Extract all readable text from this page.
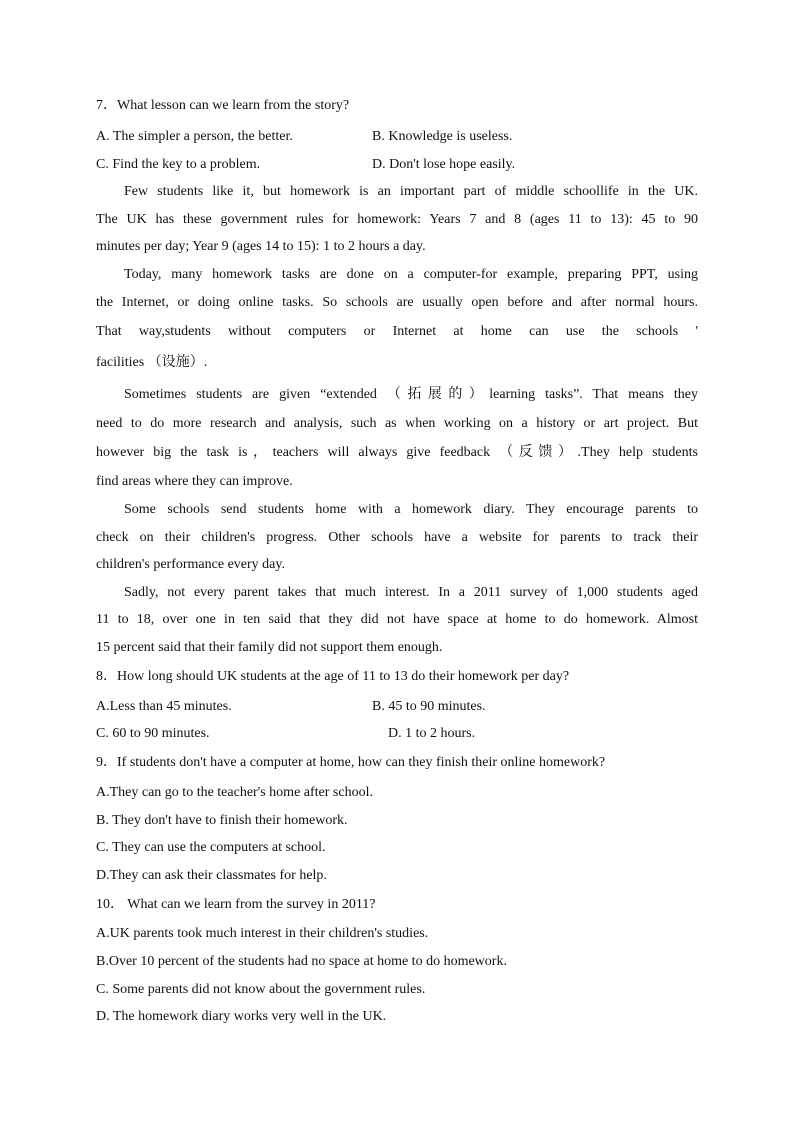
7．What lesson can we learn from the story?
A. The simpler a person, the better.	B. Knowledge is useless.
C. Find the key to a problem.	D. Don't lose hope easily.
Few students like it, but homework is an important part of middle schoollife in the UK.
The UK has these government rules for homework: Years 7 and 8 (ages 11 to 13): 45 to 90
minutes per day; Year 9 (ages 14 to 15): 1 to 2 hours a day.
Today, many homework tasks are done on a computer-for example, preparing PPT, using
the Internet, or doing online tasks. So schools are usually open before and after normal hours.
That way,students without computers or Internet at home can use the schools '
facilities （设施）.
Sometimes students are given “extended （拓展的）learning tasks”. That means they
need to do more research and analysis, such as when working on a history or art project. But
however big the task is，teachers will always give feedback （反馈）.They help students
find areas where they can improve.
Some schools send students home with a homework diary. They encourage parents to
check on their children's progress. Other schools have a website for parents to track their
children's performance every day.
Sadly, not every parent takes that much interest. In a 2011 survey of 1,000 students aged
11 to 18, over one in ten said that they did not have space at home to do homework. Almost
15 percent said that their family did not support them enough.
8．How long should UK students at the age of 11 to 13 do their homework per day?
A.Less than 45 minutes.	B. 45 to 90 minutes.
C. 60 to 90 minutes.	D. 1 to 2 hours.
9．If students don't have a computer at home, how can they finish their online homework?
A.They can go to the teacher's home after school.
B. They don't have to finish their homework.
C. They can use the computers at school.
D.They can ask their classmates for help.
10． What can we learn from the survey in 2011?
A.UK parents took much interest in their children's studies.
B.Over 10 percent of the students had no space at home to do homework.
C. Some parents did not know about the government rules.
D. The homework diary works very well in the UK.
